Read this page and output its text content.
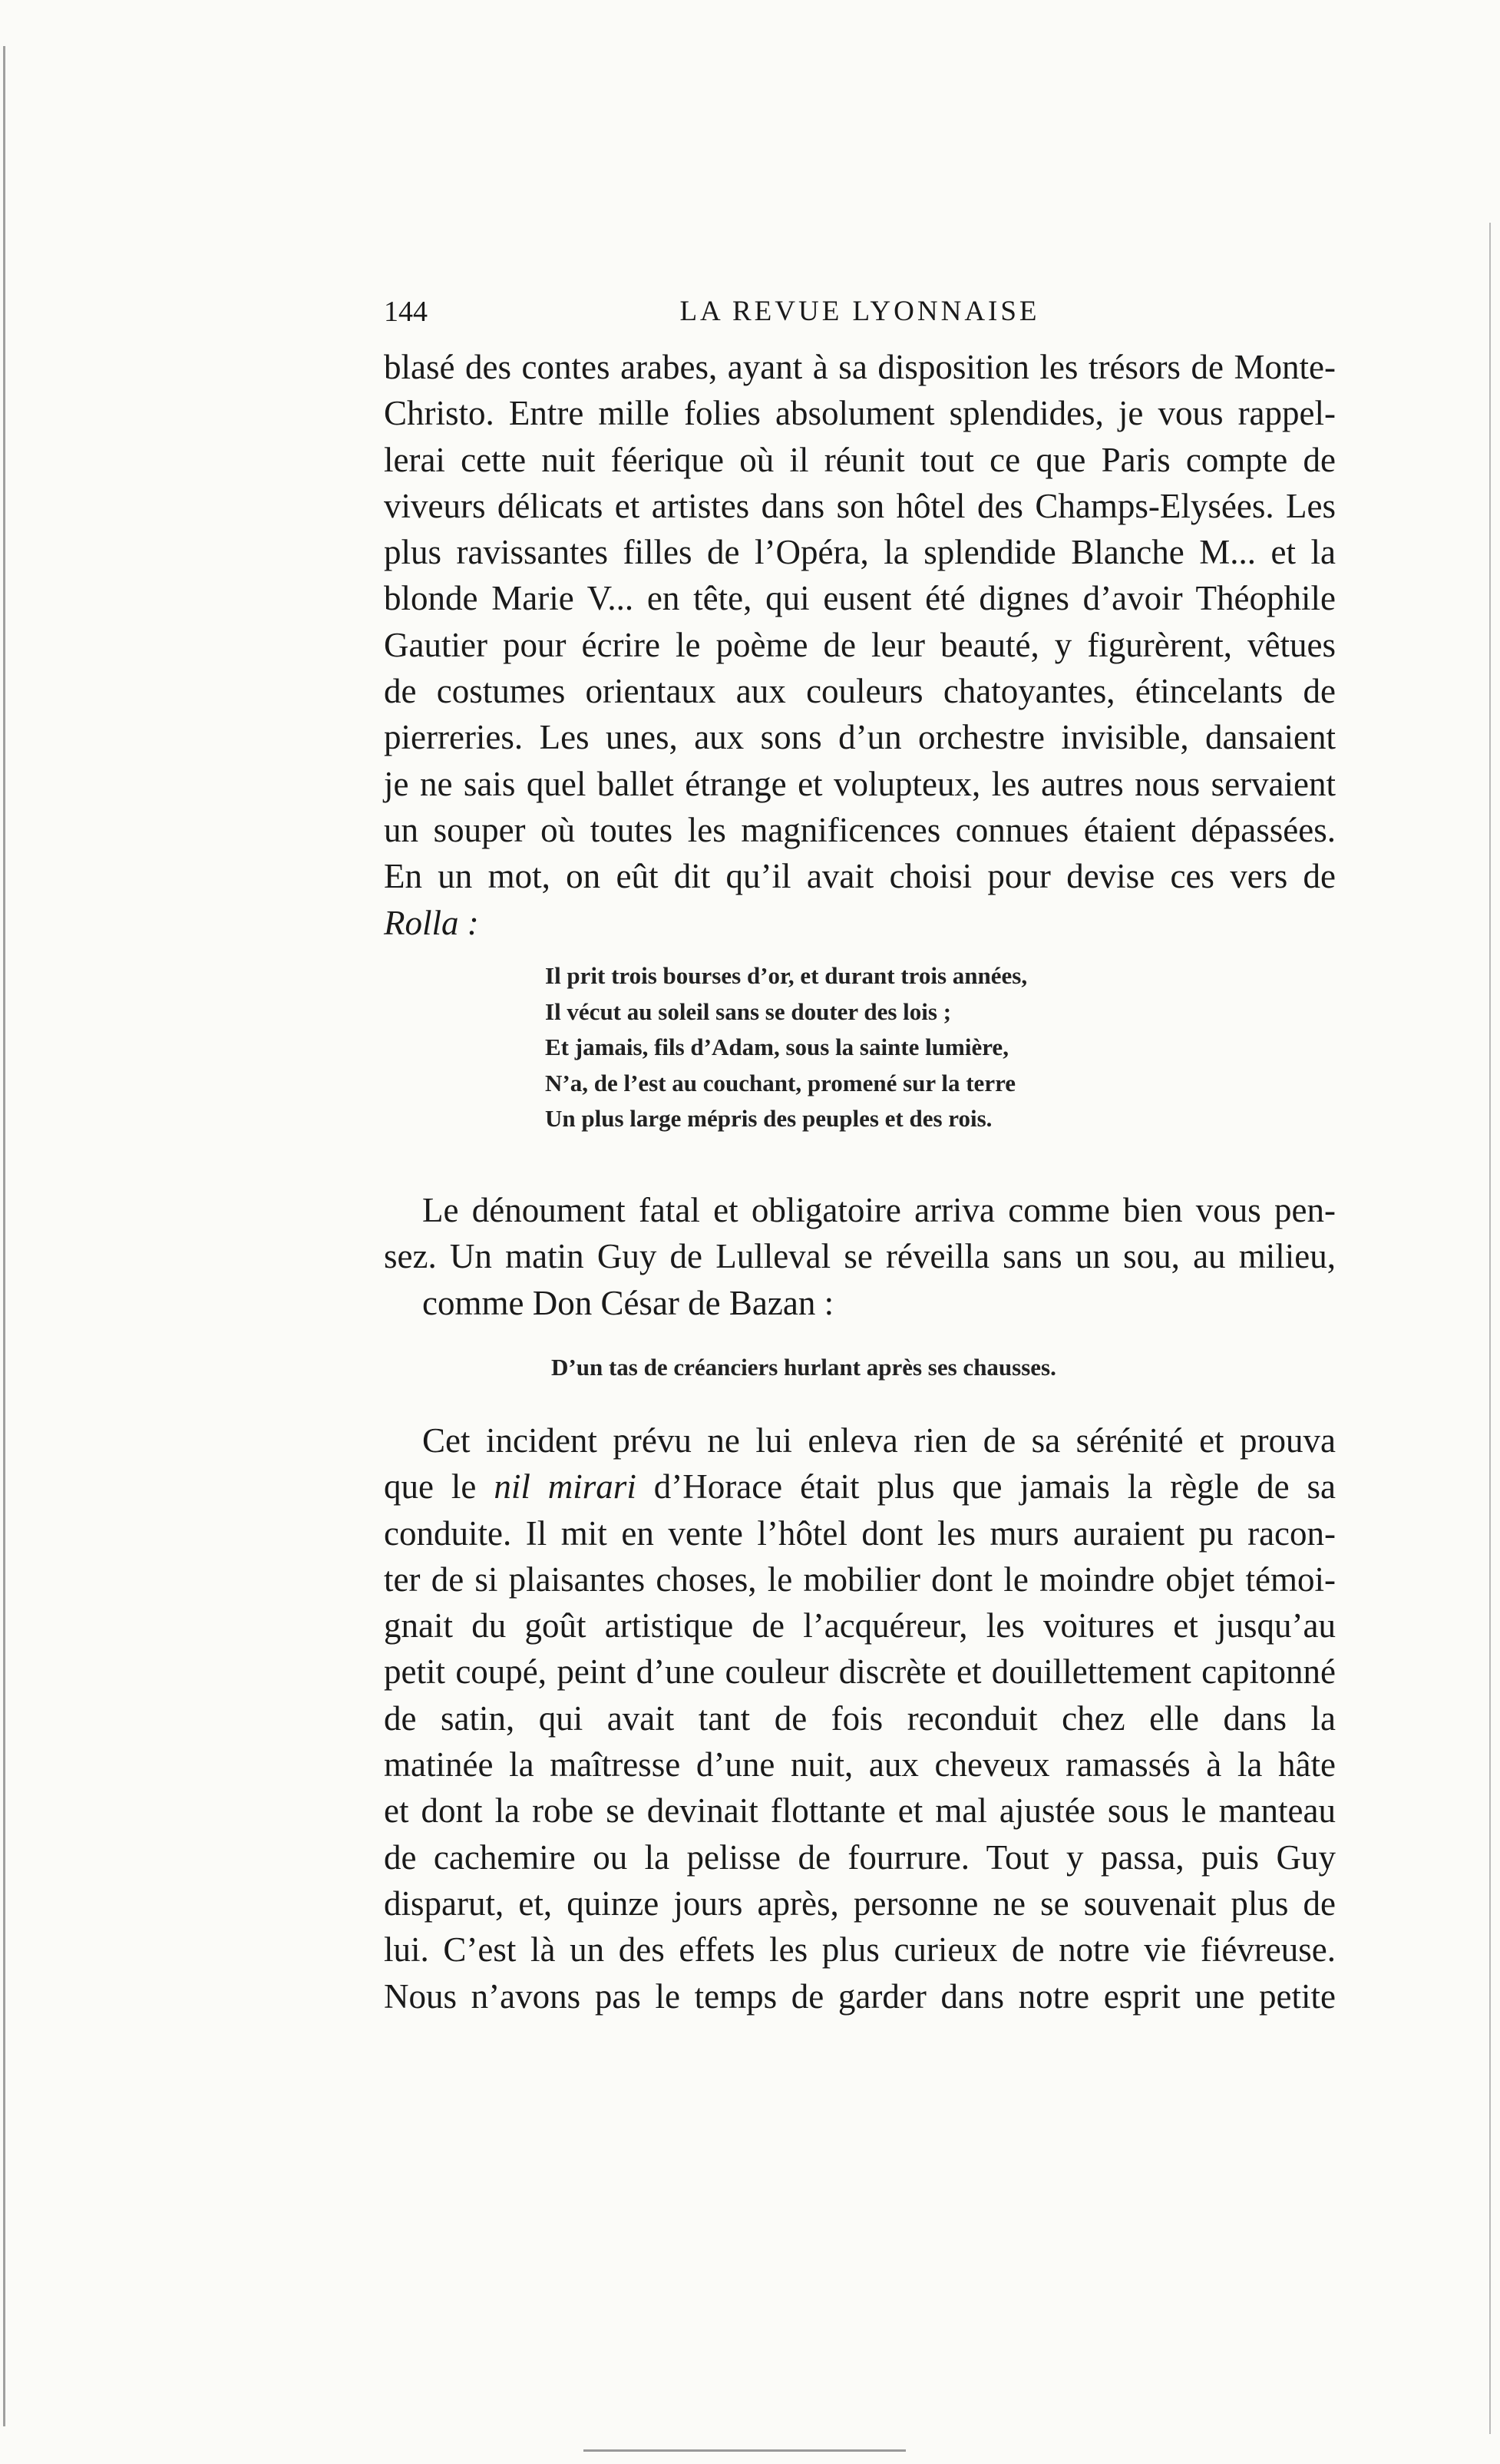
144	LA REVUE LYONNAISE
blasé des contes arabes, ayant à sa disposition les trésors de Monte-
Christo. Entre mille folies absolument splendides, je vous rappel-
lerai cette nuit féerique où il réunit tout ce que Paris compte de
viveurs délicats et artistes dans son hôtel des Champs-Elysées. Les
plus ravissantes filles de l’Opéra, la splendide Blanche M... et la
blonde Marie V... en tête, qui eusent été dignes d’avoir Théophile
Gautier pour écrire le poème de leur beauté, y figurèrent, vêtues
de costumes orientaux aux couleurs chatoyantes, étincelants de
pierreries. Les unes, aux sons d’un orchestre invisible, dansaient
je ne sais quel ballet étrange et volupteux, les autres nous servaient
un souper où toutes les magnificences connues étaient dépassées.
En un mot, on eût dit qu’il avait choisi pour devise ces vers de
Rolla :
Il prit trois bourses d’or, et durant trois années,
Il vécut au soleil sans se douter des lois ;
Et jamais, fils d’Adam, sous la sainte lumière,
N’a, de l’est au couchant, promené sur la terre
Un plus large mépris des peuples et des rois.
Le dénoument fatal et obligatoire arriva comme bien vous pen-
sez. Un matin Guy de Lulleval se réveilla sans un sou, au milieu,
comme Don César de Bazan :
D’un tas de créanciers hurlant après ses chausses.
Cet incident prévu ne lui enleva rien de sa sérénité et prouva
que le nil mirari d’Horace était plus que jamais la règle de sa
conduite. Il mit en vente l’hôtel dont les murs auraient pu racon-
ter de si plaisantes choses, le mobilier dont le moindre objet témoi-
gnait du goût artistique de l’acquéreur, les voitures et jusqu’au
petit coupé, peint d’une couleur discrète et douillettement capitonné
de satin, qui avait tant de fois reconduit chez elle dans la
matinée la maîtresse d’une nuit, aux cheveux ramassés à la hâte
et dont la robe se devinait flottante et mal ajustée sous le manteau
de cachemire ou la pelisse de fourrure. Tout y passa, puis Guy
disparut, et, quinze jours après, personne ne se souvenait plus de
lui. C’est là un des effets les plus curieux de notre vie fiévreuse.
Nous n’avons pas le temps de garder dans notre esprit une petite
